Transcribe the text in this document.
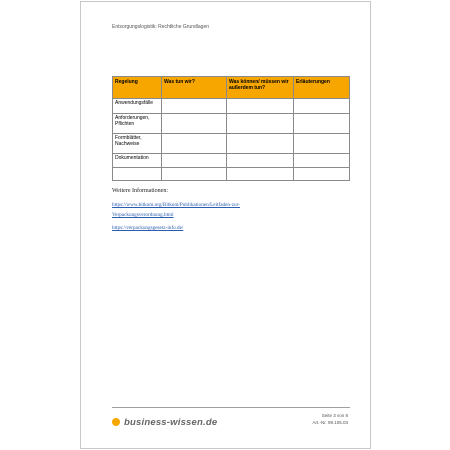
Entsorgungslogistik: Rechtliche Grundlagen
Regelung	Was tun wir?	Was können/ müssen wir außerdem tun?	Erläuterungen
Anwendungsfälle			
Anforderungen, Pflichten			
Formblätter, Nachweise			
Dokumentation			

Weitere Informationen:
https://www.bitkom.org/Bitkom/Publikationen/Leitfaden-zur-
Verpackungsverordnung.html
https://verpackungsgesetz-info.de/
business-wissen.de
Seite 3 von 8
Art.-Nr. 99.105.03
